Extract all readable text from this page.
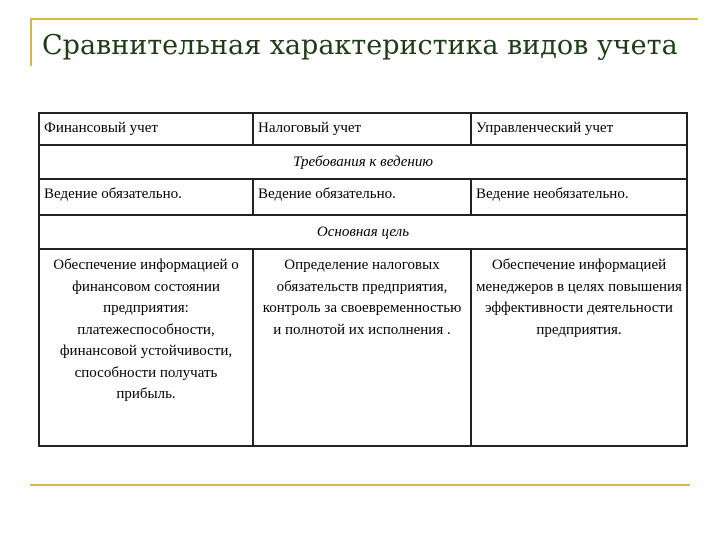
Сравнительная характеристика видов учета
Финансовый учет	Налоговый учет	Управленческий учет
Требования к ведению		
Ведение обязательно.	Ведение обязательно.	Ведение необязательно.
Основная цель		
Обеспечение информацией о финансовом состоянии предприятия: платежеспособности, финансовой устойчивости, способности получать прибыль.	Определение налоговых обязательств предприятия, контроль за своевременностью и полнотой их исполнения .	Обеспечение информацией менеджеров в целях повышения эффективности деятельности предприятия.
